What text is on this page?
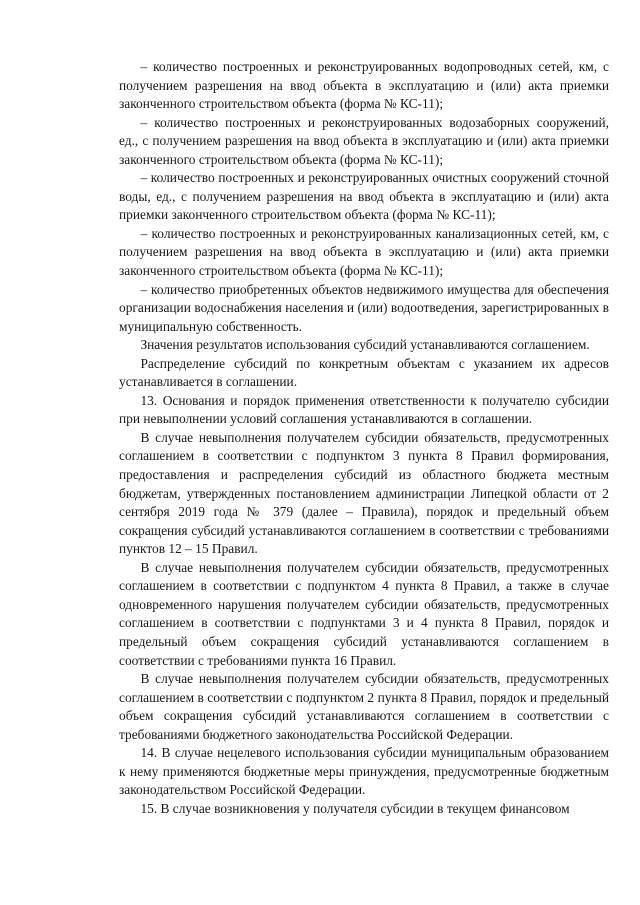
– количество построенных и реконструированных водопроводных сетей, км, с получением разрешения на ввод объекта в эксплуатацию и (или) акта приемки законченного строительством объекта (форма № КС-11);

– количество построенных и реконструированных водозаборных сооружений, ед., с получением разрешения на ввод объекта в эксплуатацию и (или) акта приемки законченного строительством объекта (форма № КС-11);

– количество построенных и реконструированных очистных сооружений сточной воды, ед., с получением разрешения на ввод объекта в эксплуатацию и (или) акта приемки законченного строительством объекта (форма № КС-11);

– количество построенных и реконструированных канализационных сетей, км, с получением разрешения на ввод объекта в эксплуатацию и (или) акта приемки законченного строительством объекта (форма № КС-11);

– количество приобретенных объектов недвижимого имущества для обеспечения организации водоснабжения населения и (или) водоотведения, зарегистрированных в муниципальную собственность.

Значения результатов использования субсидий устанавливаются соглашением.

Распределение субсидий по конкретным объектам с указанием их адресов устанавливается в соглашении.

13. Основания и порядок применения ответственности к получателю субсидии при невыполнении условий соглашения устанавливаются в соглашении.

В случае невыполнения получателем субсидии обязательств, предусмотренных соглашением в соответствии с подпунктом 3 пункта 8 Правил формирования, предоставления и распределения субсидий из областного бюджета местным бюджетам, утвержденных постановлением администрации Липецкой области от 2 сентября 2019 года № 379 (далее – Правила), порядок и предельный объем сокращения субсидий устанавливаются соглашением в соответствии с требованиями пунктов 12 – 15 Правил.

В случае невыполнения получателем субсидии обязательств, предусмотренных соглашением в соответствии с подпунктом 4 пункта 8 Правил, а также в случае одновременного нарушения получателем субсидии обязательств, предусмотренных соглашением в соответствии с подпунктами 3 и 4 пункта 8 Правил, порядок и предельный объем сокращения субсидий устанавливаются соглашением в соответствии с требованиями пункта 16 Правил.

В случае невыполнения получателем субсидии обязательств, предусмотренных соглашением в соответствии с подпунктом 2 пункта 8 Правил, порядок и предельный объем сокращения субсидий устанавливаются соглашением в соответствии с требованиями бюджетного законодательства Российской Федерации.

14. В случае нецелевого использования субсидии муниципальным образованием к нему применяются бюджетные меры принуждения, предусмотренные бюджетным законодательством Российской Федерации.

15. В случае возникновения у получателя субсидии в текущем финансовом
